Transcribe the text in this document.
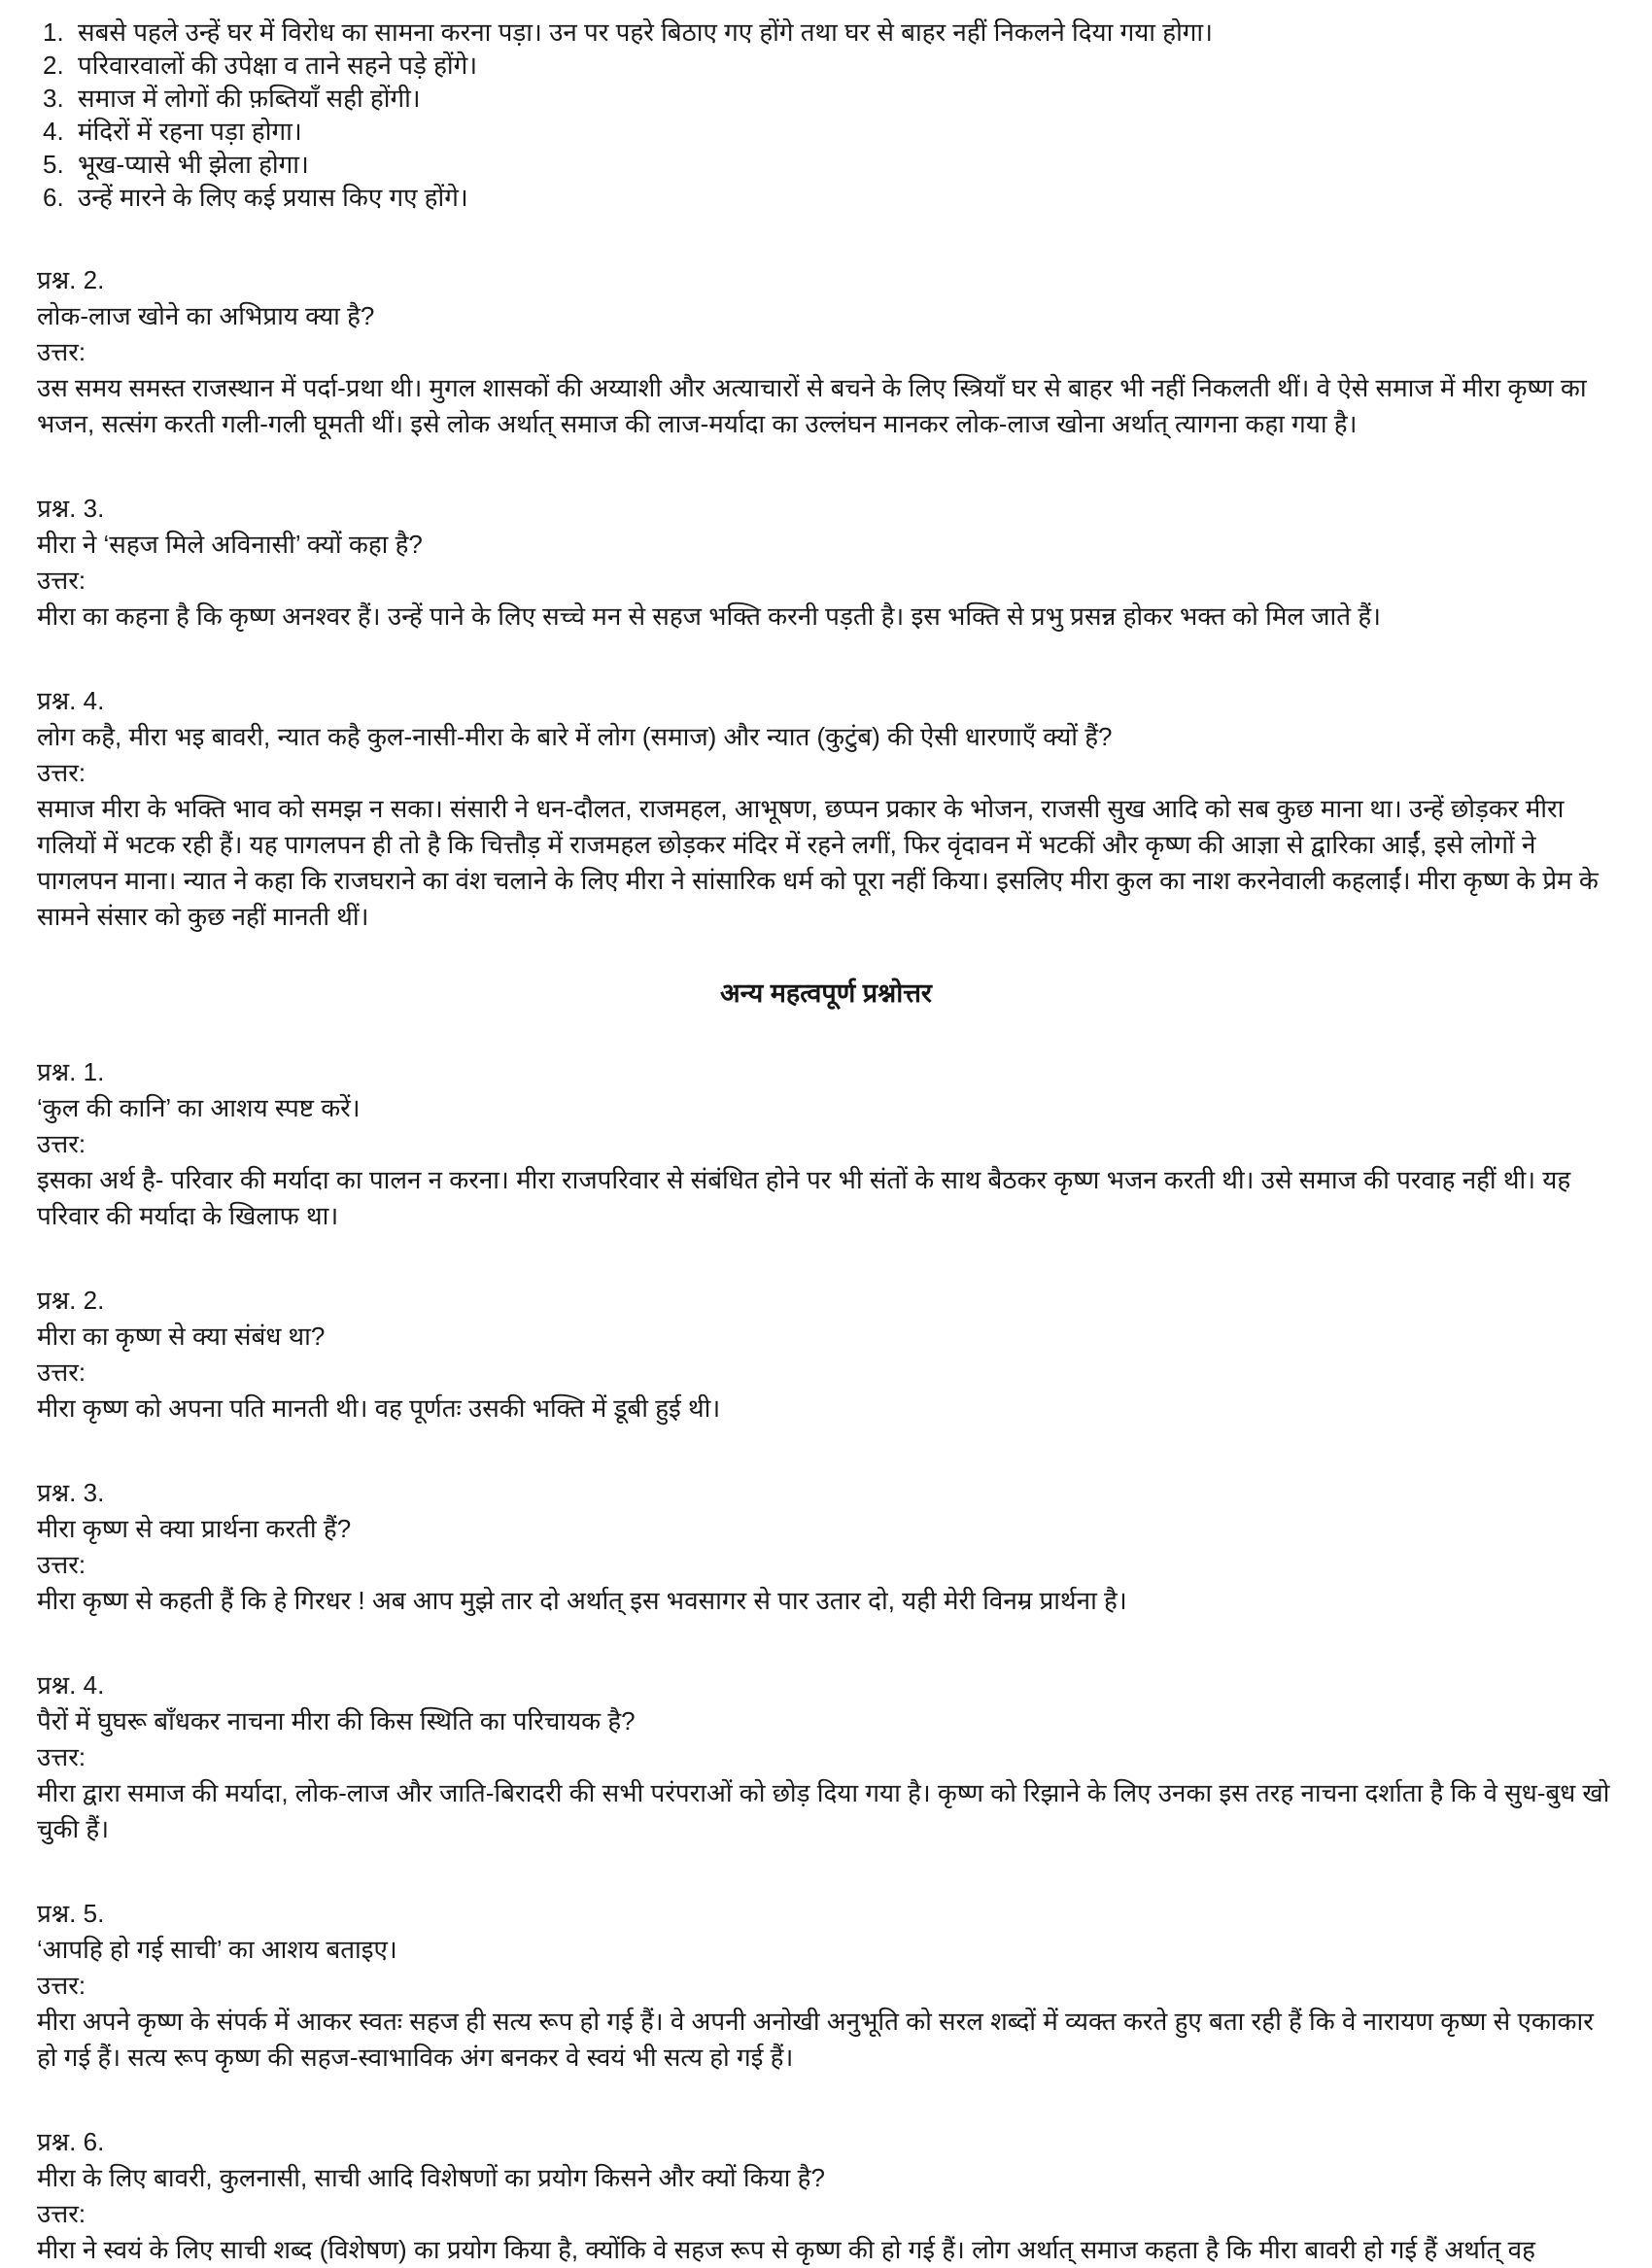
1. सबसे पहले उन्हें घर में विरोध का सामना करना पड़ा। उन पर पहरे बिठाए गए होंगे तथा घर से बाहर नहीं निकलने दिया गया होगा।
2. परिवारवालों की उपेक्षा व ताने सहने पड़े होंगे।
3. समाज में लोगों की फ़ब्तियाँ सही होंगी।
4. मंदिरों में रहना पड़ा होगा।
5. भूख-प्यासे भी झेला होगा।
6. उन्हें मारने के लिए कई प्रयास किए गए होंगे।
प्रश्न. 2.
लोक-लाज खोने का अभिप्राय क्या है?
उत्तर:
उस समय समस्त राजस्थान में पर्दा-प्रथा थी। मुगल शासकों की अय्याशी और अत्याचारों से बचने के लिए स्त्रियाँ घर से बाहर भी नहीं निकलती थीं। वे ऐसे समाज में मीरा कृष्ण का भजन, सत्संग करती गली-गली घूमती थीं। इसे लोक अर्थात् समाज की लाज-मर्यादा का उल्लंघन मानकर लोक-लाज खोना अर्थात् त्यागना कहा गया है।
प्रश्न. 3.
मीरा ने ‘सहज मिले अविनासी’ क्यों कहा है?
उत्तर:
मीरा का कहना है कि कृष्ण अनश्वर हैं। उन्हें पाने के लिए सच्चे मन से सहज भक्ति करनी पड़ती है। इस भक्ति से प्रभु प्रसन्न होकर भक्त को मिल जाते हैं।
प्रश्न. 4.
लोग कहै, मीरा भइ बावरी, न्यात कहै कुल-नासी-मीरा के बारे में लोग (समाज) और न्यात (कुटुंब) की ऐसी धारणाएँ क्यों हैं?
उत्तर:
समाज मीरा के भक्ति भाव को समझ न सका। संसारी ने धन-दौलत, राजमहल, आभूषण, छप्पन प्रकार के भोजन, राजसी सुख आदि को सब कुछ माना था। उन्हें छोड़कर मीरा गलियों में भटक रही हैं। यह पागलपन ही तो है कि चित्तौड़ में राजमहल छोड़कर मंदिर में रहने लगीं, फिर वृंदावन में भटकीं और कृष्ण की आज्ञा से द्वारिका आईं, इसे लोगों ने पागलपन माना। न्यात ने कहा कि राजघराने का वंश चलाने के लिए मीरा ने सांसारिक धर्म को पूरा नहीं किया। इसलिए मीरा कुल का नाश करनेवाली कहलाईं। मीरा कृष्ण के प्रेम के सामने संसार को कुछ नहीं मानती थीं।
अन्य महत्वपूर्ण प्रश्नोत्तर
प्रश्न. 1.
‘कुल की कानि’ का आशय स्पष्ट करें।
उत्तर:
इसका अर्थ है- परिवार की मर्यादा का पालन न करना। मीरा राजपरिवार से संबंधित होने पर भी संतों के साथ बैठकर कृष्ण भजन करती थी। उसे समाज की परवाह नहीं थी। यह परिवार की मर्यादा के खिलाफ था।
प्रश्न. 2.
मीरा का कृष्ण से क्या संबंध था?
उत्तर:
मीरा कृष्ण को अपना पति मानती थी। वह पूर्णतः उसकी भक्ति में डूबी हुई थी।
प्रश्न. 3.
मीरा कृष्ण से क्या प्रार्थना करती हैं?
उत्तर:
मीरा कृष्ण से कहती हैं कि हे गिरधर ! अब आप मुझे तार दो अर्थात् इस भवसागर से पार उतार दो, यही मेरी विनम्र प्रार्थना है।
प्रश्न. 4.
पैरों में घुघरू बाँधकर नाचना मीरा की किस स्थिति का परिचायक है?
उत्तर:
मीरा द्वारा समाज की मर्यादा, लोक-लाज और जाति-बिरादरी की सभी परंपराओं को छोड़ दिया गया है। कृष्ण को रिझाने के लिए उनका इस तरह नाचना दर्शाता है कि वे सुध-बुध खो चुकी हैं।
प्रश्न. 5.
‘आपहि हो गई साची’ का आशय बताइए।
उत्तर:
मीरा अपने कृष्ण के संपर्क में आकर स्वतः सहज ही सत्य रूप हो गई हैं। वे अपनी अनोखी अनुभूति को सरल शब्दों में व्यक्त करते हुए बता रही हैं कि वे नारायण कृष्ण से एकाकार हो गई हैं। सत्य रूप कृष्ण की सहज-स्वाभाविक अंग बनकर वे स्वयं भी सत्य हो गई हैं।
प्रश्न. 6.
मीरा के लिए बावरी, कुलनासी, साची आदि विशेषणों का प्रयोग किसने और क्यों किया है?
उत्तर:
मीरा ने स्वयं के लिए साची शब्द (विशेषण) का प्रयोग किया है, क्योंकि वे सहज रूप से कृष्ण की हो गई हैं। लोग अर्थात् समाज कहता है कि मीरा बावरी हो गई हैं अर्थात् वह
